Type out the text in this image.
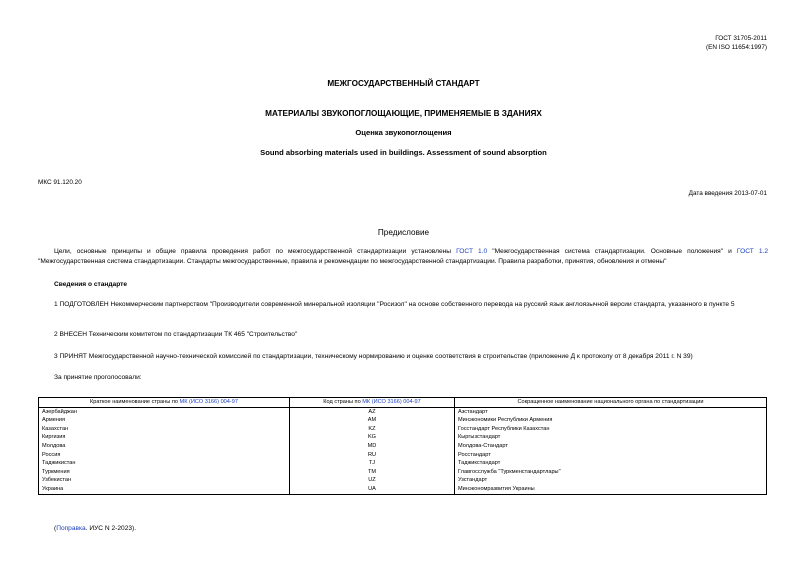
ГОСТ 31705-2011
(EN ISO 11654:1997)
МЕЖГОСУДАРСТВЕННЫЙ СТАНДАРТ
МАТЕРИАЛЫ ЗВУКОПОГЛОЩАЮЩИЕ, ПРИМЕНЯЕМЫЕ В ЗДАНИЯХ
Оценка звукопоглощения
Sound absorbing materials used in buildings. Assessment of sound absorption
МКС 91.120.20
Дата введения 2013-07-01
Предисловие
Цели, основные принципы и общие правила проведения работ по межгосударственной стандартизации установлены ГОСТ 1.0 "Межгосударственная система стандартизации. Основные положения" и ГОСТ 1.2 "Межгосударственная система стандартизации. Стандарты межгосударственные, правила и рекомендации по межгосударственной стандартизации. Правила разработки, принятия, обновления и отмены"
Сведения о стандарте
1 ПОДГОТОВЛЕН Некоммерческим партнерством "Производители современной минеральной изоляции "Росизол" на основе собственного перевода на русский язык англоязычной версии стандарта, указанного в пункте 5
2 ВНЕСЕН Техническим комитетом по стандартизации ТК 465 "Строительство"
3 ПРИНЯТ Межгосударственной научно-технической комиссией по стандартизации, техническому нормированию и оценке соответствия в строительстве (приложение Д к протоколу от 8 декабря 2011 г. N 39)
За принятие проголосовали:
Краткое наименование страны по МК (ИСО 3166) 004-97	Код страны по МК (ИСО 3166) 004-97	Сокращенное наименование национального органа по стандартизации
Азербайджан	AZ	Азстандарт
Армения	AM	Минэкономики Республики Армения
Казахстан	KZ	Госстандарт Республики Казахстан
Киргизия	KG	Кыргызстандарт
Молдова	MD	Молдова-Стандарт
Россия	RU	Росстандарт
Таджикистан	TJ	Таджикстандарт
Туркмения	TM	Главгосслужба "Туркменстандартлары"
Узбекистан	UZ	Узстандарт
Украина	UA	Минэкономразвития Украины
(Поправка. ИУС N 2-2023).
